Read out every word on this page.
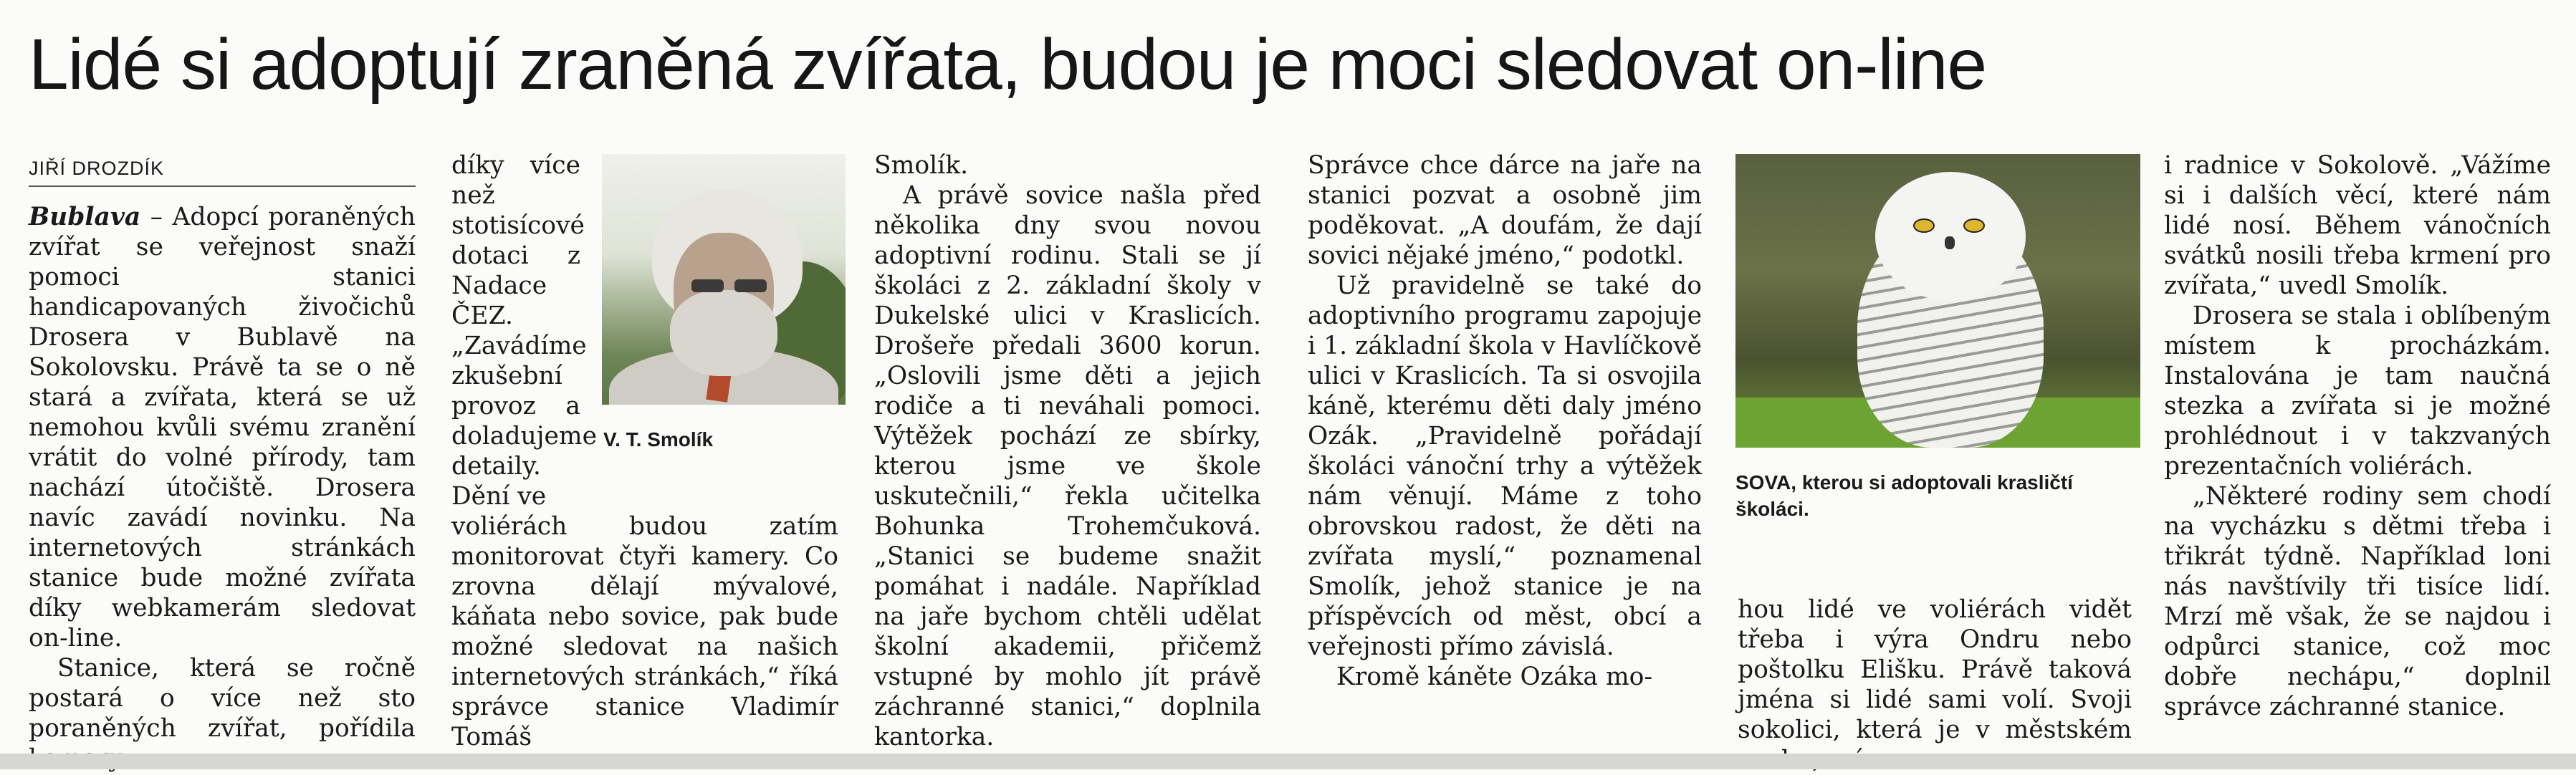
Lidé si adoptují zraněná zvířata, budou je moci sledovat on-line
JIŘÍ DROZDÍK

Bublava – Adopcí poraněných zvířat se veřejnost snaží pomoci stanici handicapovaných živočichů Drosera v Bublavě na Sokolovsku. Právě ta se o ně stará a zvířata, která se už nemohou kvůli svému zranění vrátit do volné přírody, tam nachází útočiště. Drosera navíc zavádí novinku. Na internetových stránkách stanice bude možné zvířata díky webkamerám sledovat on-line.

Stanice, která se ročně postará o více než sto poraněných zvířat, pořídila

díky více než stotisícové dotaci z Nadace ČEZ. „Zavádíme zkušební provoz a doladujeme detaily. Dění ve

voliérách budou zatím monitorovat čtyři kamery. Co zrovna dělají mývalové, káňata nebo sovice, pak bude možné sledovat na našich internetových stránkách,“ říká správce stanice Vladimír Tomáš

V. T. Smolík

Smolík.

A právě sovice našla před několika dny svou novou adoptivní rodinu. Stali se jí školáci z 2. základní školy v Dukelské ulici v Kraslicích. Drošeře předali 3600 korun. „Oslovili jsme děti a jejich rodiče a ti neváhali pomoci. Výtěžek pochází ze sbírky, kterou jsme ve škole uskutečnili,“ řekla učitelka Bohunka Trohemčuková. „Stanici se budeme snažit pomáhat i nadále. Například na jaře bychom chtěli udělat školní akademii, přičemž vstupné by mohlo jít právě záchranné stanici,“ doplnila kantorka.

Správce chce dárce na jaře na stanici pozvat a osobně jim poděkovat. „A doufám, že dají sovici nějaké jméno,“ podotkl.

Už pravidelně se také do adoptivního programu zapojuje i 1. základní škola v Havlíčkově ulici v Kraslicích. Ta si osvojila káně, kterému děti daly jméno Ozák. „Pravidelně pořádají školáci vánoční trhy a výtěžek nám věnují. Máme z toho obrovskou radost, že děti na zvířata myslí,“ poznamenal Smolík, jehož stanice je na příspěvcích od měst, obcí a veřejnosti přímo závislá.

Kromě káněte Ozáka mo-

SOVA, kterou si adoptovali krasličtí školáci.

hou lidé ve voliérách vidět třeba i výra Ondru nebo poštolku Elišku. Právě taková jména si lidé sami volí. Svoji sokolici, která je v městském

i radnice v Sokolově. „Vážíme si i dalších věcí, které nám lidé nosí. Během vánočních svátků nosili třeba krmení pro zvířata,“ uvedl Smolík.

Drosera se stala i oblíbeným místem k procházkám. Instalována je tam naučná stezka a zvířata si je možné prohlédnout i v takzvaných prezentačních voliérách.

„Některé rodiny sem chodí na vycházku s dětmi třeba i třikrát týdně. Například loni nás navštívily tři tisíce lidí. Mrzí mě však, že se najdou i odpůrci stanice, což moc dobře nechápu,“ doplnil správce záchranné stanice.
